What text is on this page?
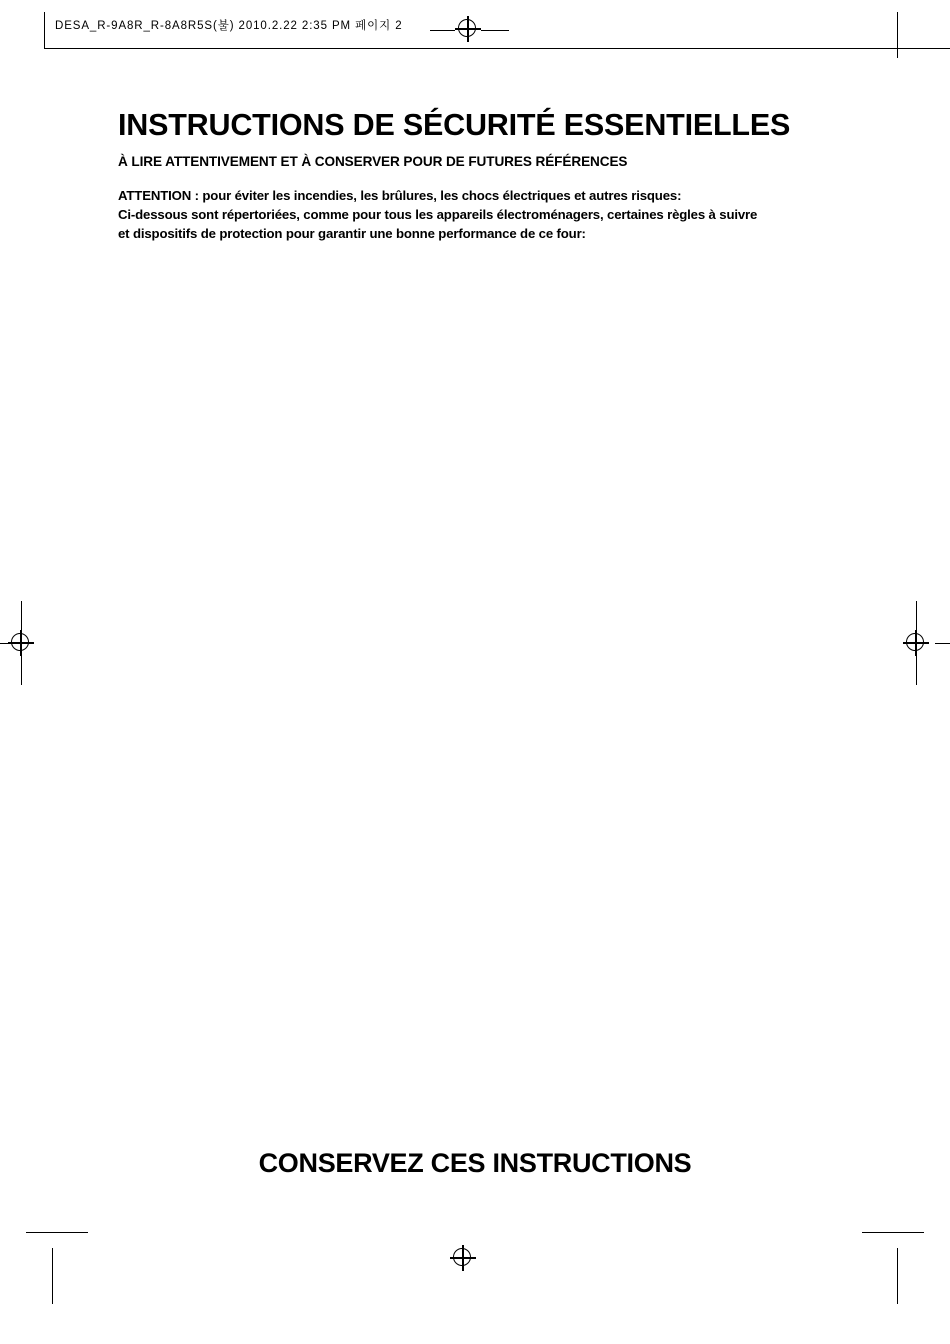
DESA_R-9A8R_R-8A8R5S(불) 2010.2.22 2:35 PM 페이지 2
INSTRUCTIONS DE SÉCURITÉ ESSENTIELLES
À LIRE ATTENTIVEMENT ET À CONSERVER POUR DE FUTURES RÉFÉRENCES
ATTENTION : pour éviter les incendies, les brûlures, les chocs électriques et autres risques:
Ci-dessous sont répertoriées, comme pour tous les appareils électroménagers, certaines règles à suivre
et dispositifs de protection pour garantir une bonne performance de ce four:
CONSERVEZ CES INSTRUCTIONS
